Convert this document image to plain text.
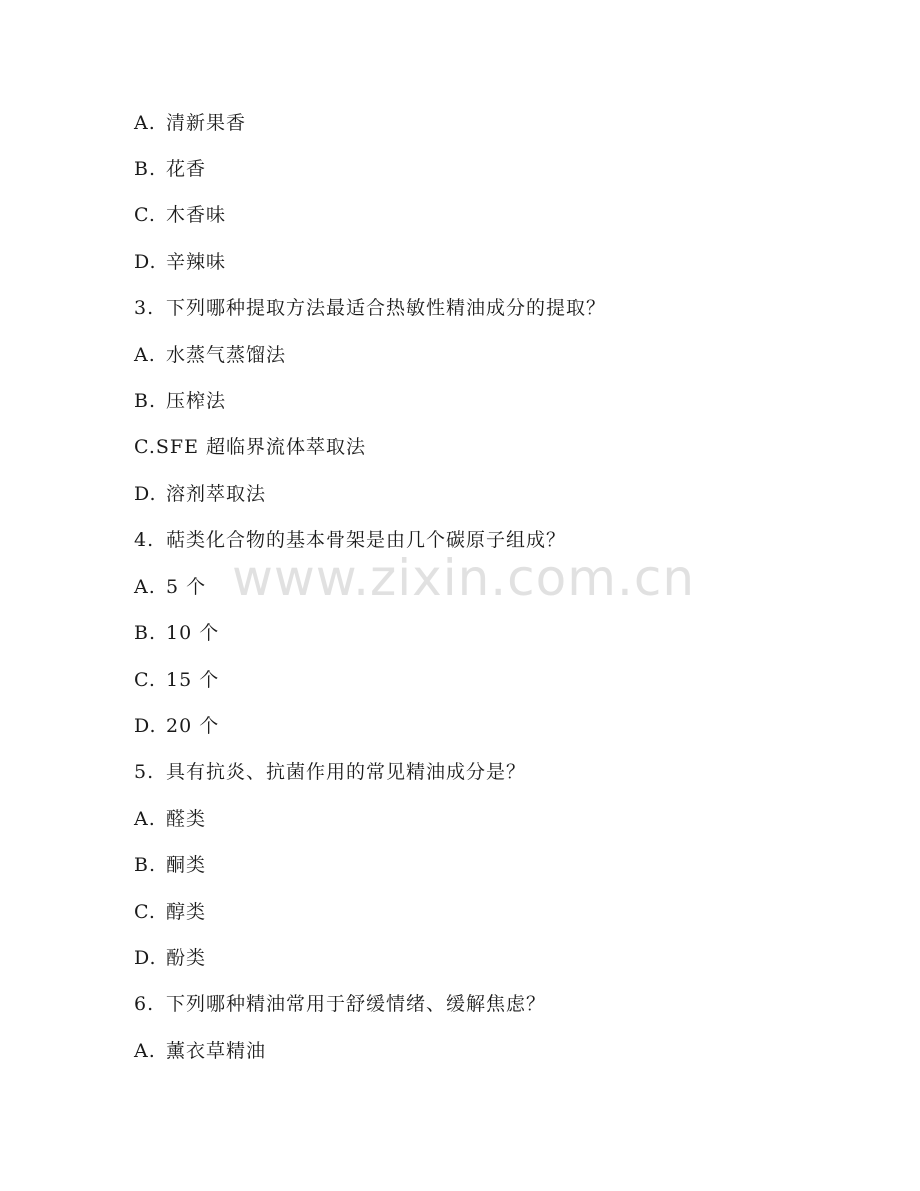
A. 清新果香
B. 花香
C. 木香味
D. 辛辣味
3. 下列哪种提取方法最适合热敏性精油成分的提取？
A. 水蒸气蒸馏法
B. 压榨法
C.SFE 超临界流体萃取法
D. 溶剂萃取法
4. 萜类化合物的基本骨架是由几个碳原子组成？
A. 5 个
B. 10 个
C. 15 个
D. 20 个
5. 具有抗炎、抗菌作用的常见精油成分是？
A. 醛类
B. 酮类
C. 醇类
D. 酚类
6. 下列哪种精油常用于舒缓情绪、缓解焦虑？
A. 薰衣草精油
www.zixin.com.cn
